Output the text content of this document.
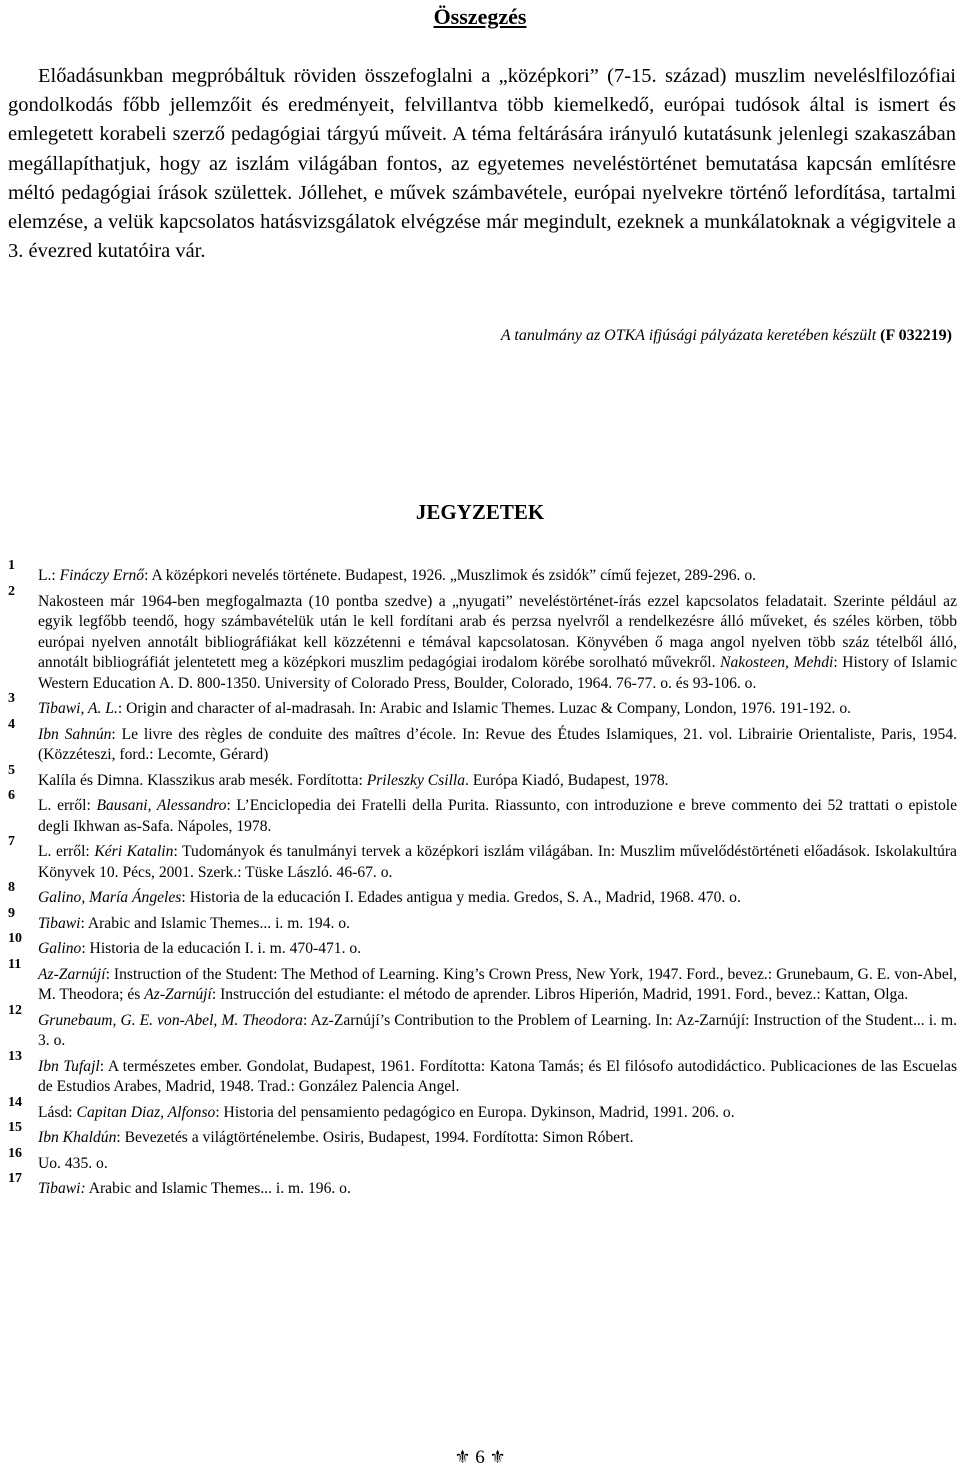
Összegzés
Előadásunkban megpróbáltuk röviden összefoglalni a „középkori” (7-15. század) muszlim neveléslfilozófiai gondolkodás főbb jellemzőit és eredményeit, felvillantva több kiemelkedő, európai tudósok által is ismert és emlegetett korabeli szerző pedagógiai tárgyú műveit. A téma feltárására irányuló kutatásunk jelenlegi szakaszában megállapíthatjuk, hogy az iszlám világában fontos, az egyetemes neveléstörténet bemutatása kapcsán említésre méltó pedagógiai írások születtek. Jóllehet, e művek számbavétele, európai nyelvekre történő lefordítása, tartalmi elemzése, a velük kapcsolatos hatásvizsgálatok elvégzése már megindult, ezeknek a munkálatoknak a végigvitele a 3. évezred kutatóira vár.
A tanulmány az OTKA ifjúsági pályázata keretében készült (F 032219)
JEGYZETEK
1
L.: Fináczy Ernő: A középkori nevelés története. Budapest, 1926. „Muszlimok és zsidók” című fejezet, 289-296. o.
2
Nakosteen már 1964-ben megfogalmazta (10 pontba szedve) a „nyugati” neveléstörténet-írás ezzel kapcsolatos feladatait. Szerinte például az egyik legfőbb teendő, hogy számbavételük után le kell fordítani arab és perzsa nyelvről a rendelkezésre álló műveket, és széles körben, több európai nyelven annotált bibliográfiákat kell közzétenni e témával kapcsolatosan. Könyvében ő maga angol nyelven több száz tételből álló, annotált bibliográfiát jelentetett meg a középkori muszlim pedagógiai irodalom körébe sorolható művekről. Nakosteen, Mehdi: History of Islamic Western Education A. D. 800-1350. University of Colorado Press, Boulder, Colorado, 1964. 76-77. o. és 93-106. o.
3
Tibawi, A. L.: Origin and character of al-madrasah. In: Arabic and Islamic Themes. Luzac & Company, London, 1976. 191-192. o.
4
Ibn Sahnún: Le livre des règles de conduite des maîtres d’école. In: Revue des Études Islamiques, 21. vol. Librairie Orientaliste, Paris, 1954. (Közzéteszi, ford.: Lecomte, Gérard)
5
Kalíla és Dimna. Klasszikus arab mesék. Fordította: Prileszky Csilla. Európa Kiadó, Budapest, 1978.
6
L. erről: Bausani, Alessandro: L’Enciclopedia dei Fratelli della Purita. Riassunto, con introduzione e breve commento dei 52 trattati o epistole degli Ikhwan as-Safa. Nápoles, 1978.
7
L. erről: Kéri Katalin: Tudományok és tanulmányi tervek a középkori iszlám világában. In: Muszlim művelődéstörténeti előadások. Iskolakultúra Könyvek 10. Pécs, 2001. Szerk.: Tüske László. 46-67. o.
8
Galino, María Ángeles: Historia de la educación I. Edades antigua y media. Gredos, S. A., Madrid, 1968. 470. o.
9
Tibawi: Arabic and Islamic Themes... i. m. 194. o.
10
Galino: Historia de la educación I. i. m. 470-471. o.
11
Az-Zarnújí: Instruction of the Student: The Method of Learning. King’s Crown Press, New York, 1947. Ford., bevez.: Grunebaum, G. E. von-Abel, M. Theodora; és Az-Zarnújí: Instrucción del estudiante: el método de aprender. Libros Hiperión, Madrid, 1991. Ford., bevez.: Kattan, Olga.
12
Grunebaum, G. E. von-Abel, M. Theodora: Az-Zarnújí’s Contribution to the Problem of Learning. In: Az-Zarnújí: Instruction of the Student... i. m. 3. o.
13
Ibn Tufajl: A természetes ember. Gondolat, Budapest, 1961. Fordította: Katona Tamás; és El filósofo autodidáctico. Publicaciones de las Escuelas de Estudios Arabes, Madrid, 1948. Trad.: González Palencia Angel.
14
Lásd: Capitan Diaz, Alfonso: Historia del pensamiento pedagógico en Europa. Dykinson, Madrid, 1991. 206. o.
15
Ibn Khaldún: Bevezetés a világtörténelembe. Osiris, Budapest, 1994. Fordította: Simon Róbert.
16
Uo. 435. o.
17
Tibawi: Arabic and Islamic Themes... i. m. 196. o.
⚜ 6 ⚜
